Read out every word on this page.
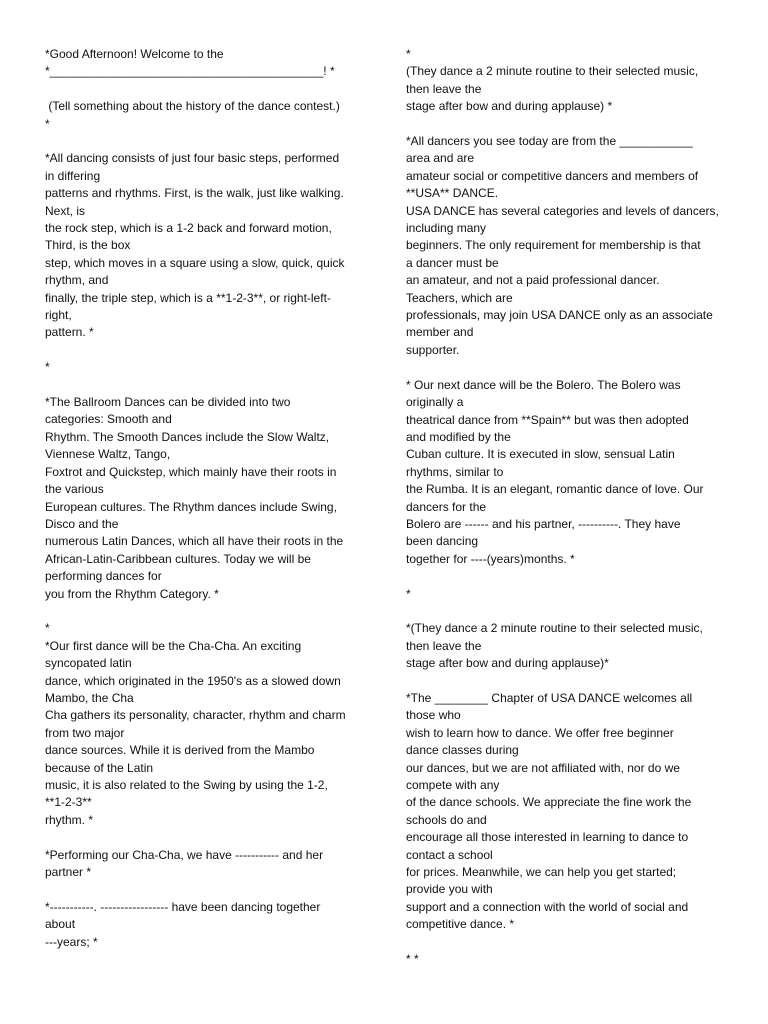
*Good Afternoon! Welcome to the
*_________________________________________! *

(Tell something about the history of the dance contest.)
*

*All dancing consists of just four basic steps, performed
in differing
patterns and rhythms. First, is the walk, just like walking.
Next, is
the rock step, which is a 1-2 back and forward motion,
Third, is the box
step, which moves in a square using a slow, quick, quick
rhythm, and
finally, the triple step, which is a **1-2-3**, or right-left-
right,
pattern. *

*

*The Ballroom Dances can be divided into two
categories: Smooth and
Rhythm. The Smooth Dances include the Slow Waltz,
Viennese Waltz, Tango,
Foxtrot and Quickstep, which mainly have their roots in
the various
European cultures. The Rhythm dances include Swing,
Disco and the
numerous Latin Dances, which all have their roots in the
African-Latin-Caribbean cultures. Today we will be
performing dances for
you from the Rhythm Category. *

*
*Our first dance will be the Cha-Cha. An exciting
syncopated latin
dance, which originated in the 1950's as a slowed down
Mambo, the Cha
Cha gathers its personality, character, rhythm and charm
from two major
dance sources. While it is derived from the Mambo
because of the Latin
music, it is also related to the Swing by using the 1-2,
**1-2-3**
rhythm. *

*Performing our Cha-Cha, we have ----------- and her
partner *

*-----------. ----------------- have been dancing together
about
---years; *

*
(They dance a 2 minute routine to their selected music,
then leave the
stage after bow and during applause) *

*All dancers you see today are from the ___________
area and are
amateur social or competitive dancers and members of
**USA** DANCE.
USA DANCE has several categories and levels of dancers,
including many
beginners. The only requirement for membership is that
a dancer must be
an amateur, and not a paid professional dancer.
Teachers, which are
professionals, may join USA DANCE only as an associate
member and
supporter.

* Our next dance will be the Bolero. The Bolero was
originally a
theatrical dance from **Spain** but was then adopted
and modified by the
Cuban culture. It is executed in slow, sensual Latin
rhythms, similar to
the Rumba. It is an elegant, romantic dance of love. Our
dancers for the
Bolero are ------ and his partner, ----------. They have
been dancing
together for ----(years)months. *

*

*(They dance a 2 minute routine to their selected music,
then leave the
stage after bow and during applause)*

*The ________ Chapter of USA DANCE welcomes all
those who
wish to learn how to dance. We offer free beginner
dance classes during
our dances, but we are not affiliated with, nor do we
compete with any
of the dance schools. We appreciate the fine work the
schools do and
encourage all those interested in learning to dance to
contact a school
for prices. Meanwhile, we can help you get started;
provide you with
support and a connection with the world of social and
competitive dance. *

* *
